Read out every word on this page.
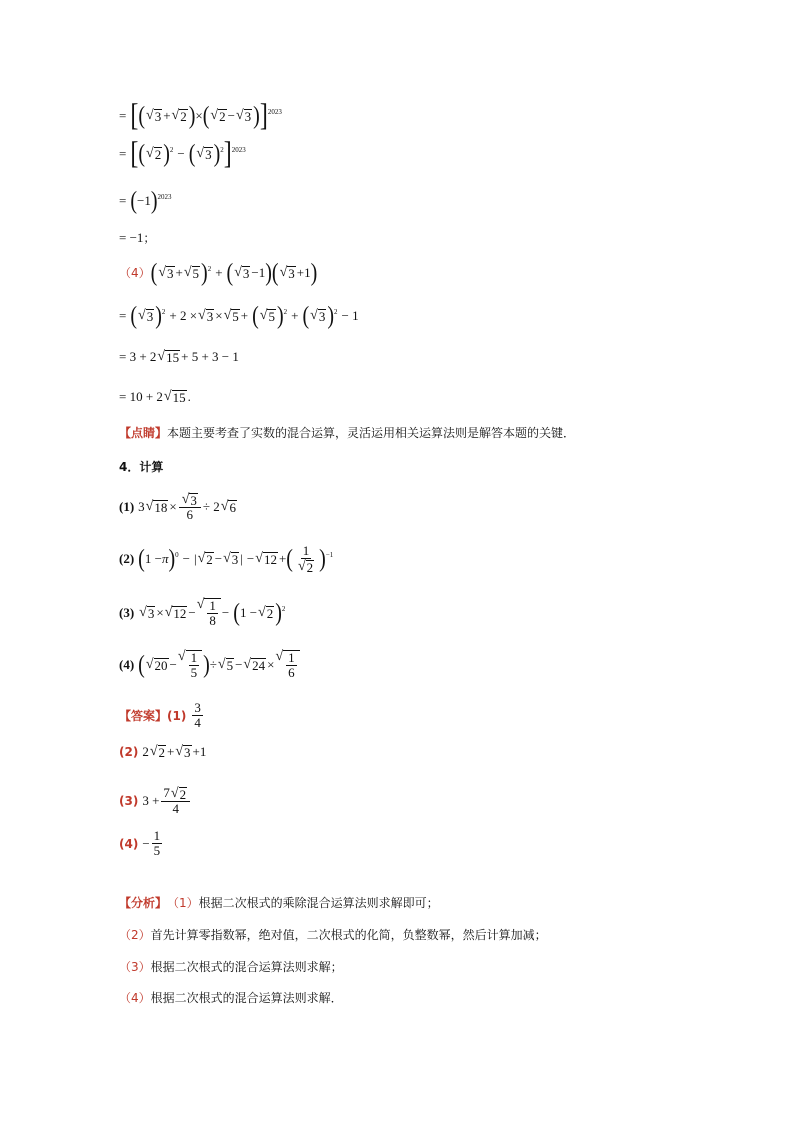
= [ ( √ 3 + √ 2 ) × ( √ 2 − √ 3 ) ]$^{2023}$
= [ ( √ 2 )$^2$ − ( √ 3 )$^2$ ]$^{2023}$
= ( −1 )$^{2023}$
= −1 ；
（4） ( √ 3 + √ 5 )$^2$ + ( √ 3 −1 ) ( √ 3 +1 )
= ( √ 3 )$^2$ + 2 × √ 3 × √ 5 + ( √ 5 )$^2$ + ( √ 3 )$^2$ − 1
= 3 + 2 √ 15 + 5 + 3 − 1
= 10 + 2 √ 15 .
【点睛】 本题主要考查了实数的混合运算，灵活运用相关运算法则是解答本题的关键．
4．计算
(1) 3 √ $18 \times \frac{√ 3}{6} \div 2$ √ 6
(2) ( 1 − π )$^0$ − | √ 2 − √ 3 | − √ 12 + ( $\frac{1}{√ 2} )^{-1}$
(3) √ 3 × √ 12 −
√ $\frac{1}{8}$ − ( 1 − √ 2 )$^2$
(4) ( √ 20 −
√ $\frac{1}{5}$ ) ÷ √ 5 − √ 24 ×
√ $\frac{1}{6}$
【答案】 $(1) \frac{3}{4}$
(2) 2 √ 2 + √ 3 +1
(3) $3 + \frac{7 √ 2}{4}$
$(4) - \frac{1}{5}$
【分析】 （1） 根据二次根式的乘除混合运算法则求解即可；
（2） 首先计算零指数幂，绝对值，二次根式的化简，负整数幂，然后计算加减；
（3） 根据二次根式的混合运算法则求解；
（4） 根据二次根式的混合运算法则求解．
